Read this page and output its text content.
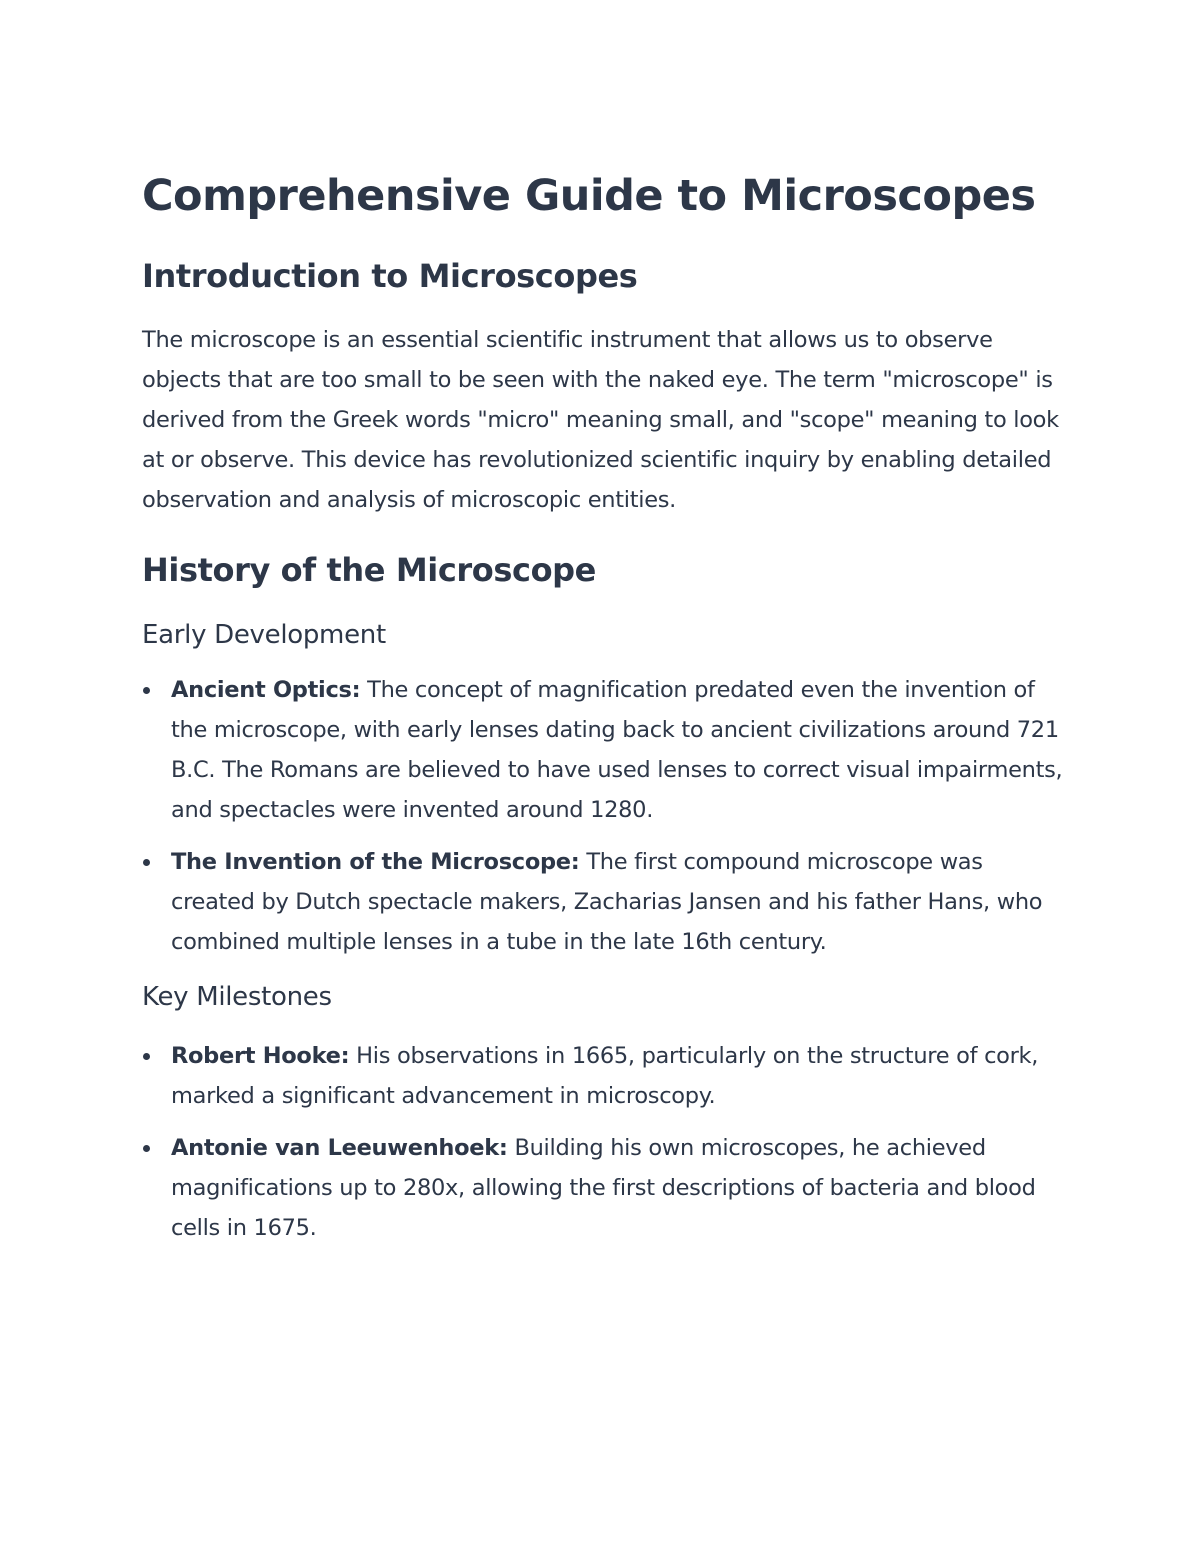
Comprehensive Guide to Microscopes
Introduction to Microscopes

The microscope is an essential scientific instrument that allows us to observe objects that are too small to be seen with the naked eye. The term "microscope" is derived from the Greek words "micro" meaning small, and "scope" meaning to look at or observe. This device has revolutionized scientific inquiry by enabling detailed observation and analysis of microscopic entities.

History of the Microscope
Early Development
Ancient Optics: The concept of magnification predated even the invention of the microscope, with early lenses dating back to ancient civilizations around 721 B.C. The Romans are believed to have used lenses to correct visual impairments, and spectacles were invented around 1280.
The Invention of the Microscope: The first compound microscope was created by Dutch spectacle makers, Zacharias Jansen and his father Hans, who combined multiple lenses in a tube in the late 16th century.
Key Milestones
Robert Hooke: His observations in 1665, particularly on the structure of cork, marked a significant advancement in microscopy.
Antonie van Leeuwenhoek: Building his own microscopes, he achieved magnifications up to 280x, allowing the first descriptions of bacteria and blood cells in 1675.
